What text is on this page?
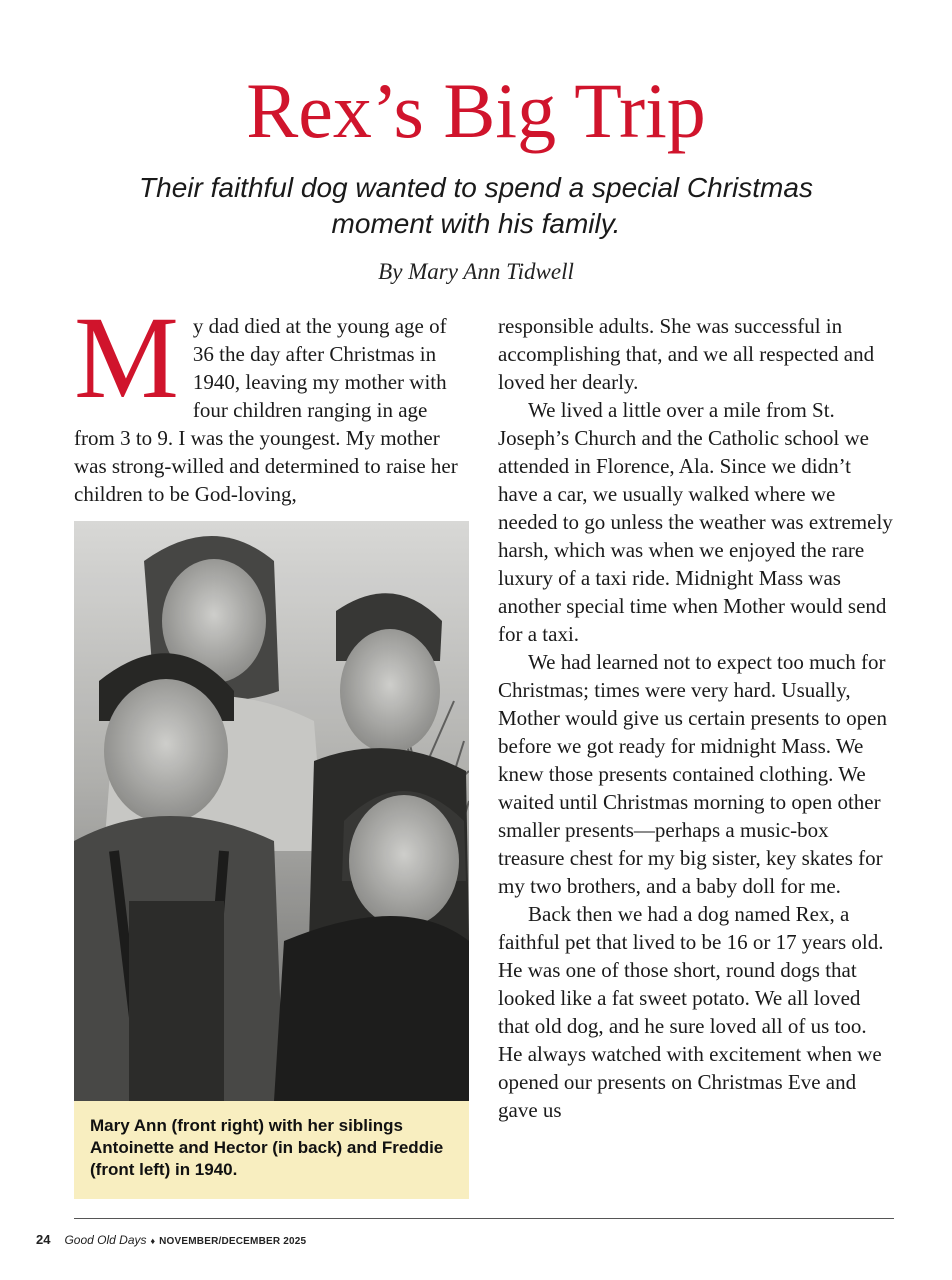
Rex’s Big Trip

Their faithful dog wanted to spend a special Christmas moment with his family.

By Mary Ann Tidwell

My dad died at the young age of 36 the day after Christmas in 1940, leaving my mother with four children ranging in age from 3 to 9. I was the youngest. My mother was strong-willed and determined to raise her children to be God-loving,

Mary Ann (front right) with her siblings Antoinette and Hector (in back) and Freddie (front left) in 1940.

responsible adults. She was successful in accomplishing that, and we all respected and loved her dearly.

We lived a little over a mile from St. Joseph’s Church and the Catholic school we attended in Florence, Ala. Since we didn’t have a car, we usually walked where we needed to go unless the weather was extremely harsh, which was when we enjoyed the rare luxury of a taxi ride. Midnight Mass was another special time when Mother would send for a taxi.

We had learned not to expect too much for Christmas; times were very hard. Usually, Mother would give us certain presents to open before we got ready for midnight Mass. We knew those presents contained clothing. We waited until Christmas morning to open other smaller presents—perhaps a music-box treasure chest for my big sister, key skates for my two brothers, and a baby doll for me.

Back then we had a dog named Rex, a faithful pet that lived to be 16 or 17 years old. He was one of those short, round dogs that looked like a fat sweet potato. We all loved that old dog, and he sure loved all of us too. He always watched with excitement when we opened our presents on Christmas Eve and gave us

24 Good Old Days ♦ NOVEMBER/DECEMBER 2025
